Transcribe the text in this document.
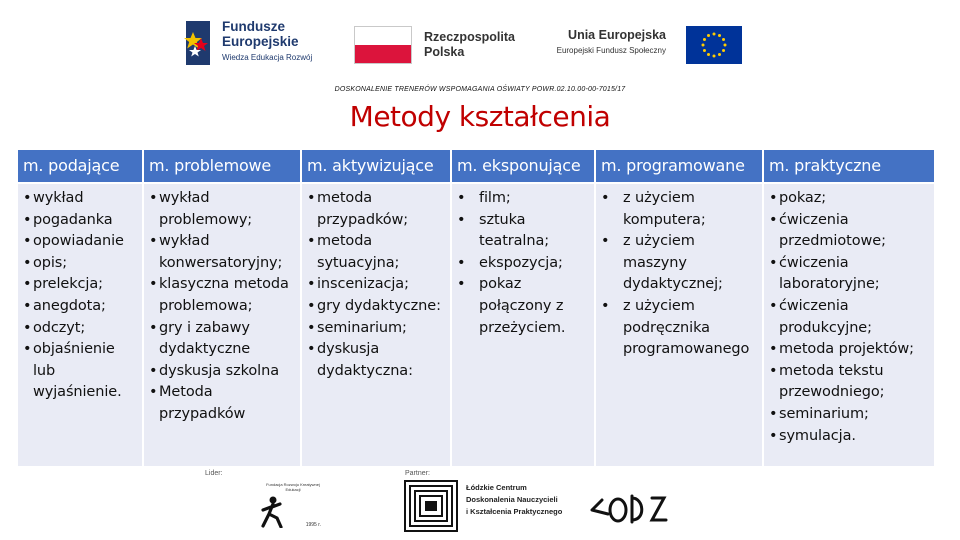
Fundusze
Europejskie
Wiedza Edukacja Rozwój
Rzeczpospolita
Polska
Unia Europejska
Europejski Fundusz Społeczny
DOSKONALENIE TRENERÓW WSPOMAGANIA OŚWIATY POWR.02.10.00-00-7015/17
Metody kształcenia
m. podające
• wykład
• pogadanka
• opowiadanie
• opis;
• prelekcja;
• anegdota;
• odczyt;
• objaśnienie lub wyjaśnienie.
m. problemowe
• wykład problemowy;
• wykład konwersatoryjny;
• klasyczna metoda problemowa;
• gry i zabawy dydaktyczne
• dyskusja szkolna
• Metoda przypadków
m. aktywizujące
• metoda przypadków;
• metoda sytuacyjna;
• inscenizacja;
• gry dydaktyczne:
• seminarium;
• dyskusja dydaktyczna:
m. eksponujące
• film;
• sztuka teatralna;
• ekspozycja;
• pokaz połączony z przeżyciem.
m. programowane
• z użyciem komputera;
• z użyciem maszyny dydaktycznej;
• z użyciem podręcznika programowanego
m. praktyczne
• pokaz;
• ćwiczenia przedmiotowe;
• ćwiczenia laboratoryjne;
• ćwiczenia produkcyjne;
• metoda projektów;
• metoda tekstu przewodniego;
• seminarium;
• symulacja.
Lider:	Partner:
Fundacja Rozwoju Kreatywnej Edukacji
1995 r.
Łódzkie Centrum
Doskonalenia Nauczycieli
i Kształcenia Praktycznego
